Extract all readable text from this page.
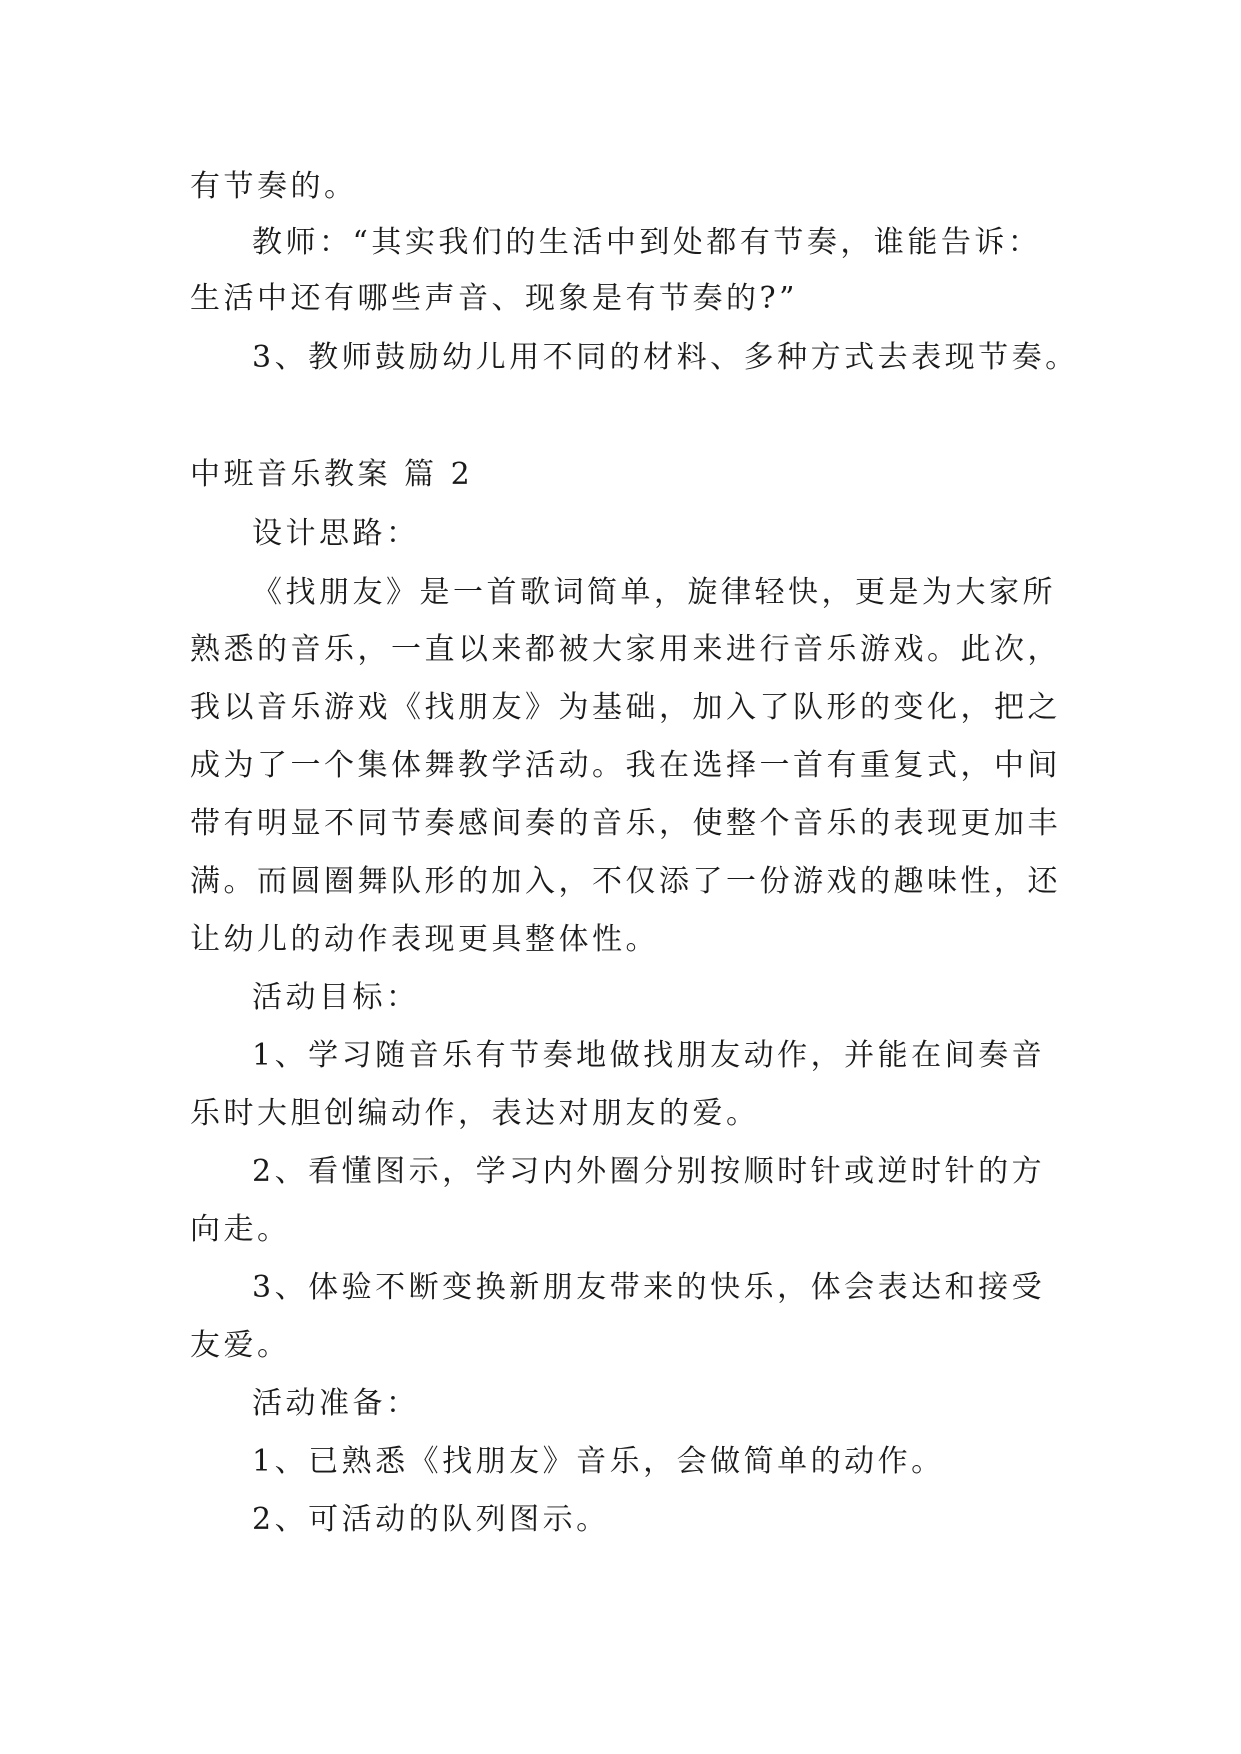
有节奏的。
教师：“其实我们的生活中到处都有节奏，谁能告诉：
生活中还有哪些声音、现象是有节奏的?”
3、教师鼓励幼儿用不同的材料、多种方式去表现节奏。
中班音乐教案 篇 2
设计思路：
《找朋友》是一首歌词简单，旋律轻快，更是为大家所
熟悉的音乐，一直以来都被大家用来进行音乐游戏。此次，
我以音乐游戏《找朋友》为基础，加入了队形的变化，把之
成为了一个集体舞教学活动。我在选择一首有重复式，中间
带有明显不同节奏感间奏的音乐，使整个音乐的表现更加丰
满。而圆圈舞队形的加入，不仅添了一份游戏的趣味性，还
让幼儿的动作表现更具整体性。
活动目标：
1、学习随音乐有节奏地做找朋友动作，并能在间奏音
乐时大胆创编动作，表达对朋友的爱。
2、看懂图示，学习内外圈分别按顺时针或逆时针的方
向走。
3、体验不断变换新朋友带来的快乐，体会表达和接受
友爱。
活动准备：
1、已熟悉《找朋友》音乐，会做简单的动作。
2、可活动的队列图示。
